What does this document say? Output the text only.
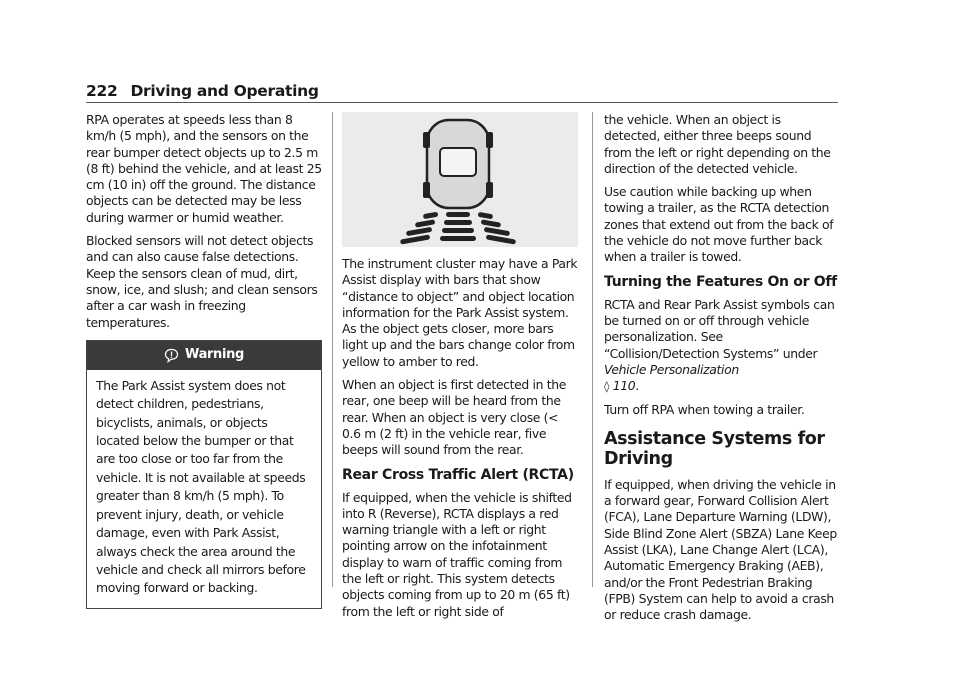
222 Driving and Operating

RPA operates at speeds less than 8 km/h (5 mph), and the sensors on the rear bumper detect objects up to 2.5 m (8 ft) behind the vehicle, and at least 25 cm (10 in) off the ground. The distance objects can be detected may be less during warmer or humid weather.

Blocked sensors will not detect objects and can also cause false detections. Keep the sensors clean of mud, dirt, snow, ice, and slush; and clean sensors after a car wash in freezing temperatures.

Warning
The Park Assist system does not detect children, pedestrians, bicyclists, animals, or objects located below the bumper or that are too close or too far from the vehicle. It is not available at speeds greater than 8 km/h (5 mph). To prevent injury, death, or vehicle damage, even with Park Assist, always check the area around the vehicle and check all mirrors before moving forward or backing.

The instrument cluster may have a Park Assist display with bars that show “distance to object” and object location information for the Park Assist system. As the object gets closer, more bars light up and the bars change color from yellow to amber to red.

When an object is first detected in the rear, one beep will be heard from the rear. When an object is very close (< 0.6 m (2 ft) in the vehicle rear, five beeps will sound from the rear.

Rear Cross Traffic Alert (RCTA)

If equipped, when the vehicle is shifted into R (Reverse), RCTA displays a red warning triangle with a left or right pointing arrow on the infotainment display to warn of traffic coming from the left or right. This system detects objects coming from up to 20 m (65 ft) from the left or right side of

the vehicle. When an object is detected, either three beeps sound from the left or right depending on the direction of the detected vehicle.

Use caution while backing up when towing a trailer, as the RCTA detection zones that extend out from the back of the vehicle do not move further back when a trailer is towed.

Turning the Features On or Off

RCTA and Rear Park Assist symbols can be turned on or off through vehicle personalization. See “Collision/Detection Systems” under Vehicle Personalization
◊ 110.

Turn off RPA when towing a trailer.

Assistance Systems for Driving

If equipped, when driving the vehicle in a forward gear, Forward Collision Alert (FCA), Lane Departure Warning (LDW), Side Blind Zone Alert (SBZA) Lane Keep Assist (LKA), Lane Change Alert (LCA), Automatic Emergency Braking (AEB), and/or the Front Pedestrian Braking (FPB) System can help to avoid a crash or reduce crash damage.
